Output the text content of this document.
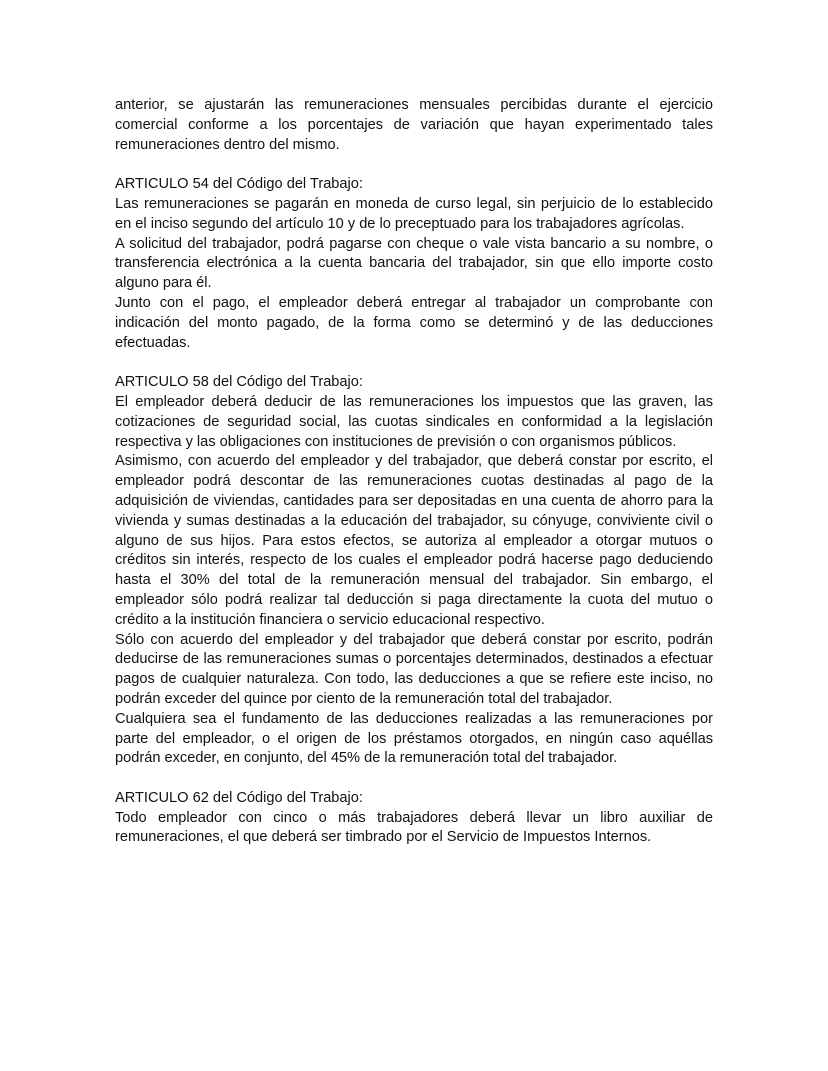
anterior, se ajustarán las remuneraciones mensuales percibidas durante el ejercicio comercial conforme a los porcentajes de variación que hayan experimentado tales remuneraciones dentro del mismo.

ARTICULO 54 del Código del Trabajo:

Las remuneraciones se pagarán en moneda de curso legal, sin perjuicio de lo establecido en el inciso segundo del artículo 10 y de lo preceptuado para los trabajadores agrícolas.

A solicitud del trabajador, podrá pagarse con cheque o vale vista bancario a su nombre, o transferencia electrónica a la cuenta bancaria del trabajador, sin que ello importe costo alguno para él.

Junto con el pago, el empleador deberá entregar al trabajador un comprobante con indicación del monto pagado, de la forma como se determinó y de las deducciones efectuadas.

ARTICULO 58 del Código del Trabajo:

El empleador deberá deducir de las remuneraciones los impuestos que las graven, las cotizaciones de seguridad social, las cuotas sindicales en conformidad a la legislación respectiva y las obligaciones con instituciones de previsión o con organismos públicos.

Asimismo, con acuerdo del empleador y del trabajador, que deberá constar por escrito, el empleador podrá descontar de las remuneraciones cuotas destinadas al pago de la adquisición de viviendas, cantidades para ser depositadas en una cuenta de ahorro para la vivienda y sumas destinadas a la educación del trabajador, su cónyuge, conviviente civil o alguno de sus hijos. Para estos efectos, se autoriza al empleador a otorgar mutuos o créditos sin interés, respecto de los cuales el empleador podrá hacerse pago deduciendo hasta el 30% del total de la remuneración mensual del trabajador. Sin embargo, el empleador sólo podrá realizar tal deducción si paga directamente la cuota del mutuo o crédito a la institución financiera o servicio educacional respectivo.

Sólo con acuerdo del empleador y del trabajador que deberá constar por escrito, podrán deducirse de las remuneraciones sumas o porcentajes determinados, destinados a efectuar pagos de cualquier naturaleza. Con todo, las deducciones a que se refiere este inciso, no podrán exceder del quince por ciento de la remuneración total del trabajador.

Cualquiera sea el fundamento de las deducciones realizadas a las remuneraciones por parte del empleador, o el origen de los préstamos otorgados, en ningún caso aquéllas podrán exceder, en conjunto, del 45% de la remuneración total del trabajador.

ARTICULO 62 del Código del Trabajo:

Todo empleador con cinco o más trabajadores deberá llevar un libro auxiliar de remuneraciones, el que deberá ser timbrado por el Servicio de Impuestos Internos.
